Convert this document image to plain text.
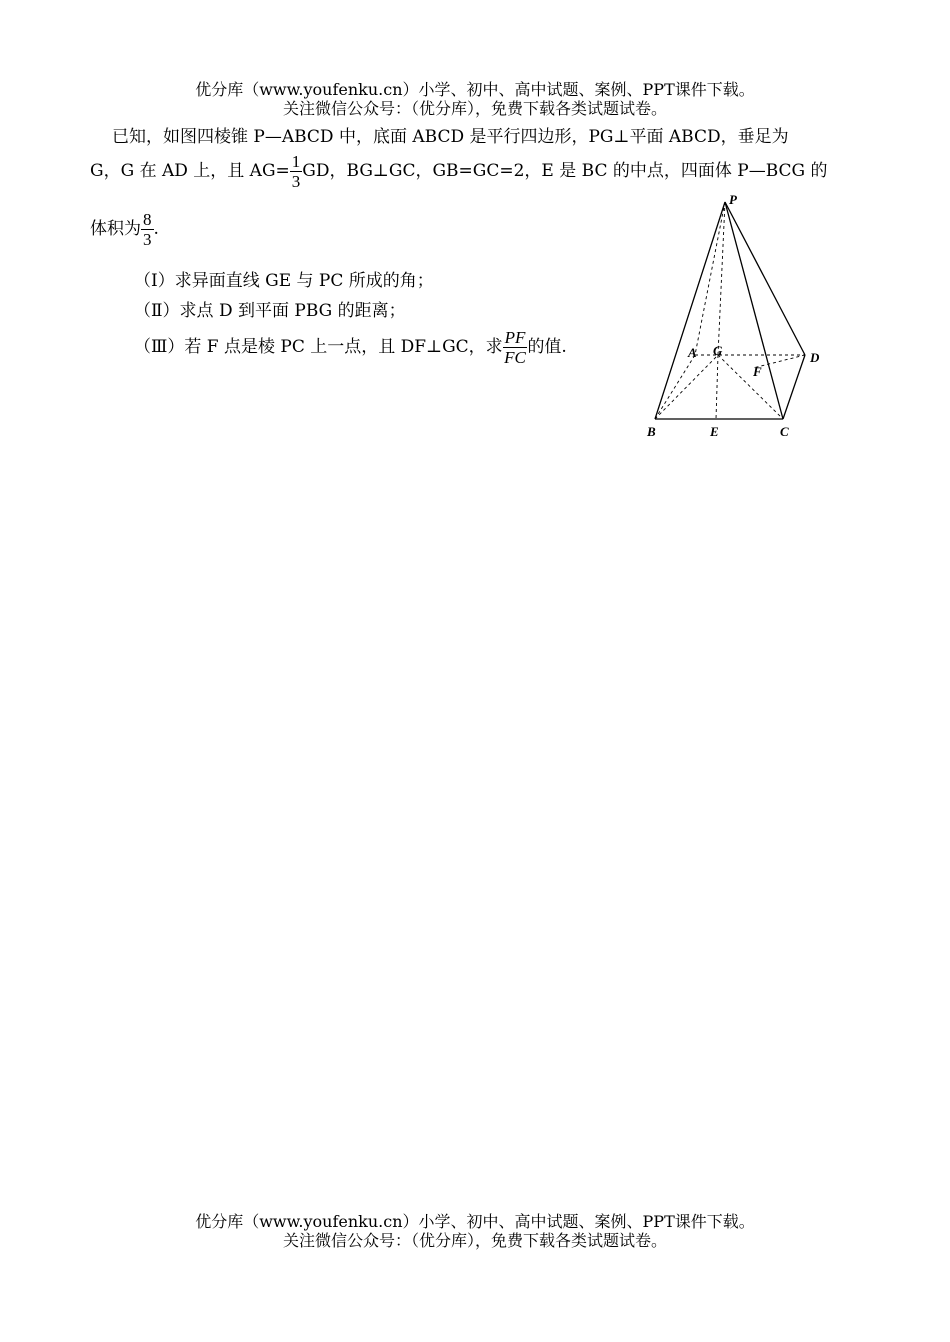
优分库（www.youfenku.cn）小学、初中、高中试题、案例、PPT课件下载。
关注微信公众号：（优分库），免费下载各类试题试卷。
已知，如图四棱锥 P—ABCD 中，底面 ABCD 是平行四边形，PG⊥平面 ABCD，垂足为
G，G 在 AD 上，且 $AG= \frac{1}{3}$ GD，BG⊥GC，GB=GC=2，E 是 BC 的中点，四面体 P—BCG 的
体积为 $\frac{8}{3}$ .
（Ⅰ）求异面直线 GE 与 PC 所成的角；
（Ⅱ）求点 D 到平面 PBG 的距离；
（Ⅲ）若 F 点是棱 PC 上一点，且 DF⊥GC，求 $\frac{PF}{FC}$ 的值.
P
A G	D
F
B	E	C
优分库（www.youfenku.cn）小学、初中、高中试题、案例、PPT课件下载。
关注微信公众号：（优分库），免费下载各类试题试卷。
